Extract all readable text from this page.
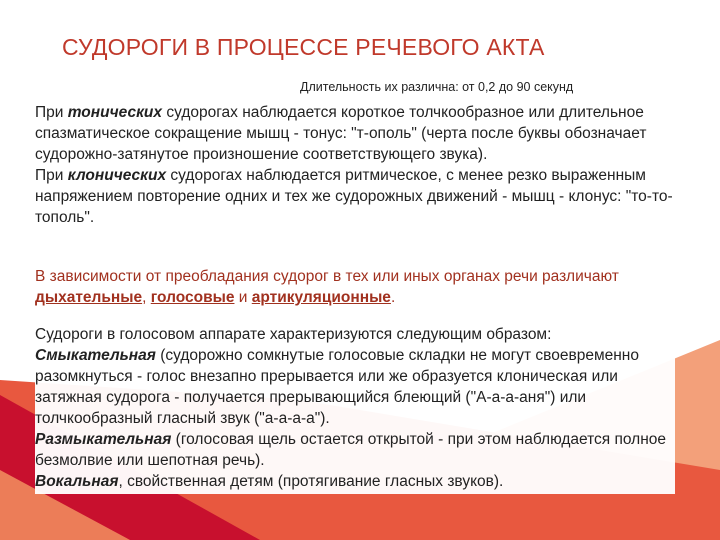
СУДОРОГИ В ПРОЦЕССЕ РЕЧЕВОГО АКТА
Длительность их различна: от 0,2 до 90 секунд
При тонических судорогах наблюдается короткое толчкообразное или длительное спазматическое сокращение мышц - тонус: "т-ополь" (черта после буквы обозначает судорожно-затянутое произношение соответствующего звука).
При клонических судорогах наблюдается ритмическое, с менее резко выраженным напряжением повторение одних и тех же судорожных движений - мышц - клонус: "то-то-тополь".
В зависимости от преобладания судорог в тех или иных органах речи различают дыхательные, голосовые и артикуляционные.
Судороги в голосовом аппарате характеризуются следующим образом:
Смыкательная (судорожно сомкнутые голосовые складки не могут своевременно разомкнуться - голос внезапно прерывается или же образуется клоническая или затяжная судорога - получается прерывающийся блеющий ("А-а-а-аня") или толчкообразный гласный звук ("а-а-а-а").
Размыкательная (голосовая щель остается открытой - при этом наблюдается полное безмолвие или шепотная речь).
Вокальная, свойственная детям (протягивание гласных звуков).
